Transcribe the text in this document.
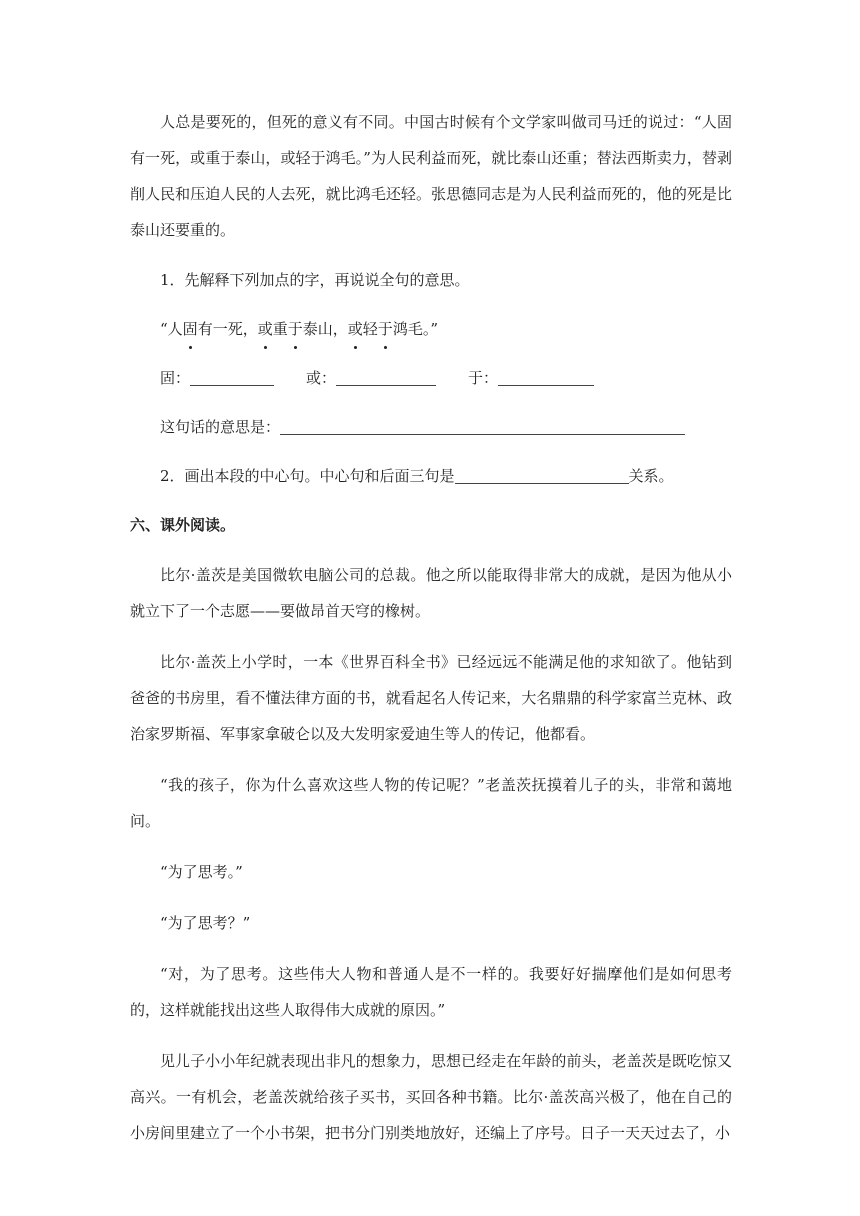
人总是要死的，但死的意义有不同。中国古时候有个文学家叫做司马迁的说过：“人固有一死，或重于泰山，或轻于鸿毛。”为人民利益而死，就比泰山还重；替法西斯卖力，替剥削人民和压迫人民的人去死，就比鸿毛还轻。张思德同志是为人民利益而死的，他的死是比泰山还要重的。

1．先解释下列加点的字，再说说全句的意思。

“人固有一死，或重于泰山，或轻于鸿毛。”

固：	或：	于：

这句话的意思是：

2．画出本段的中心句。中心句和后面三句是	关系。

六、课外阅读。

比尔·盖茨是美国微软电脑公司的总裁。他之所以能取得非常大的成就，是因为他从小就立下了一个志愿——要做昂首天穹的橡树。

比尔·盖茨上小学时，一本《世界百科全书》已经远远不能满足他的求知欲了。他钻到爸爸的书房里，看不懂法律方面的书，就看起名人传记来，大名鼎鼎的科学家富兰克林、政治家罗斯福、军事家拿破仑以及大发明家爱迪生等人的传记，他都看。

“我的孩子，你为什么喜欢这些人物的传记呢？”老盖茨抚摸着儿子的头，非常和蔼地问。

“为了思考。”

“为了思考？”

“对，为了思考。这些伟大人物和普通人是不一样的。我要好好揣摩他们是如何思考的，这样就能找出这些人取得伟大成就的原因。”

见儿子小小年纪就表现出非凡的想象力，思想已经走在年龄的前头，老盖茨是既吃惊又高兴。一有机会，老盖茨就给孩子买书，买回各种书籍。比尔·盖茨高兴极了，他在自己的小房间里建立了一个小书架，把书分门别类地放好，还编上了序号。日子一天天过去了，小
